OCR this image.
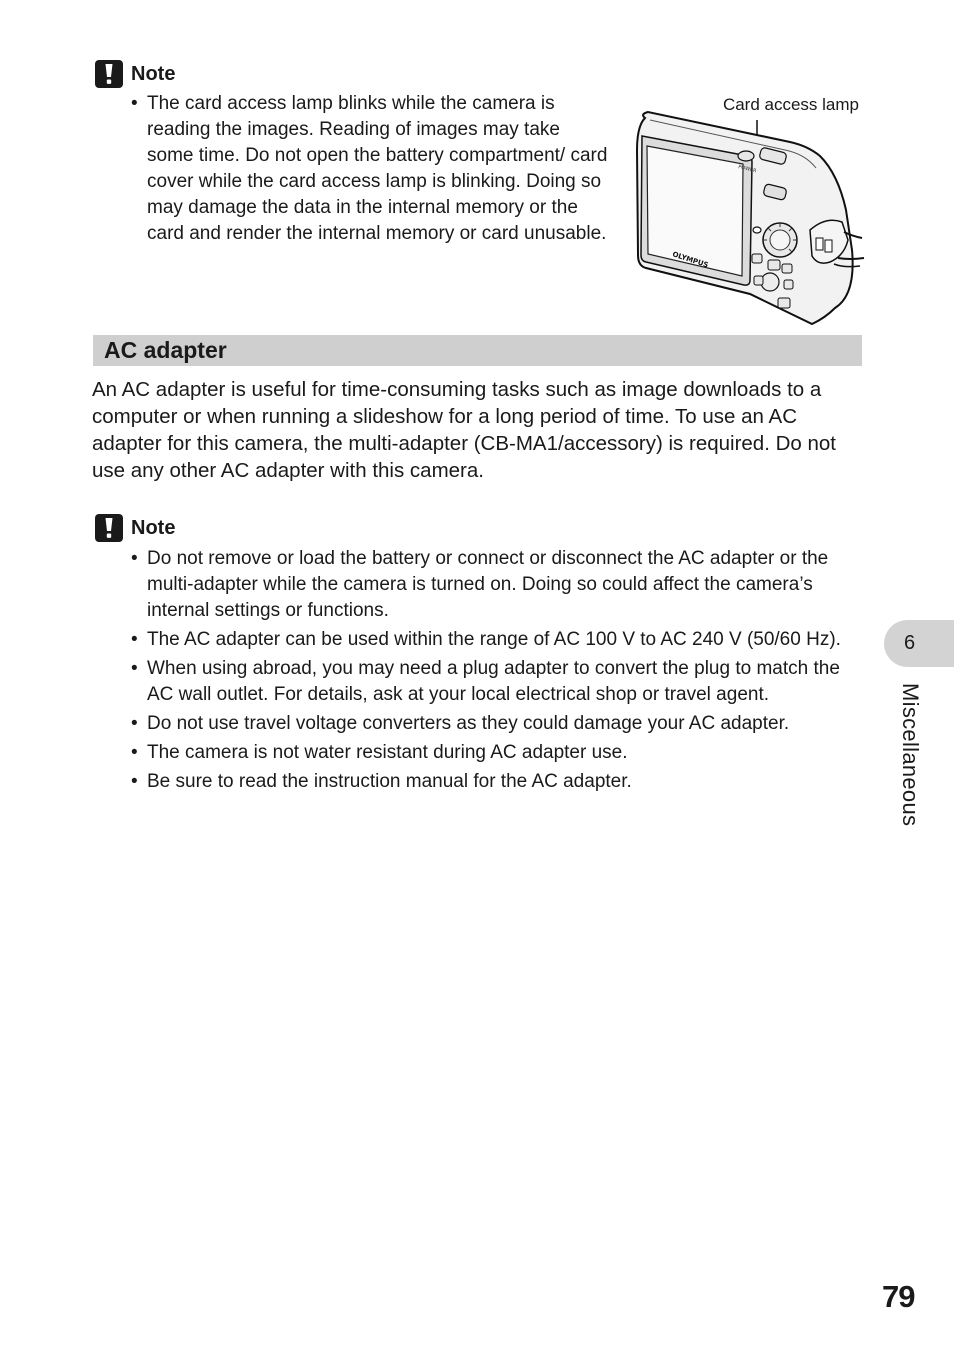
Note
• The card access lamp blinks while the camera is reading the images. Reading of images may take some time. Do not open the battery compartment/ card cover while the card access lamp is blinking. Doing so may damage the data in the internal memory or the card and render the internal memory or card unusable.
Card access lamp
OLYMPUS
POWER
AC adapter

An AC adapter is useful for time-consuming tasks such as image downloads to a computer or when running a slideshow for a long period of time. To use an AC adapter for this camera, the multi-adapter (CB-MA1/accessory) is required. Do not use any other AC adapter with this camera.

Note
• Do not remove or load the battery or connect or disconnect the AC adapter or the multi-adapter while the camera is turned on. Doing so could affect the camera’s internal settings or functions.
• The AC adapter can be used within the range of AC 100 V to AC 240 V (50/60 Hz).
• When using abroad, you may need a plug adapter to convert the plug to match the AC wall outlet. For details, ask at your local electrical shop or travel agent.
• Do not use travel voltage converters as they could damage your AC adapter.
• The camera is not water resistant during AC adapter use.
• Be sure to read the instruction manual for the AC adapter.
6
Miscellaneous
79
